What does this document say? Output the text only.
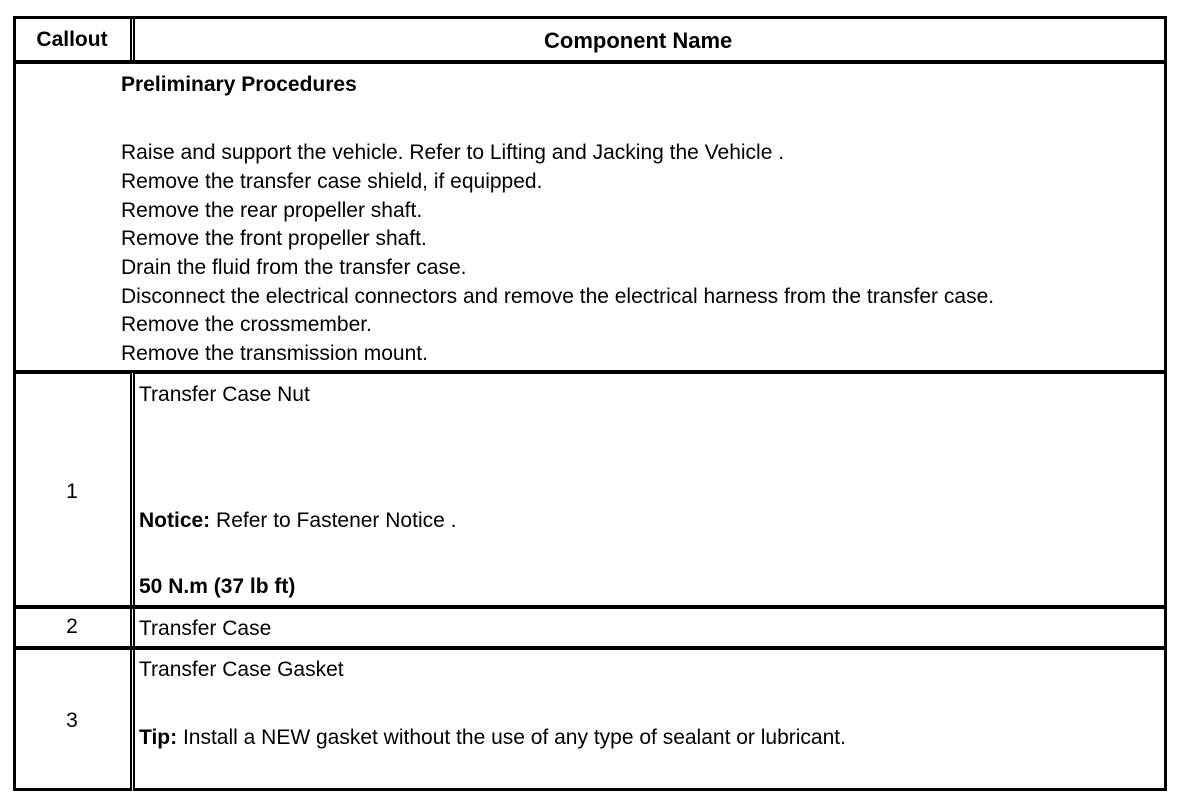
Callout	Component Name
Preliminary Procedures
Raise and support the vehicle. Refer to Lifting and Jacking the Vehicle .
Remove the transfer case shield, if equipped.
Remove the rear propeller shaft.
Remove the front propeller shaft.
Drain the fluid from the transfer case.
Disconnect the electrical connectors and remove the electrical harness from the transfer case.
Remove the crossmember.
Remove the transmission mount.
1
Transfer Case Nut
Notice: Refer to Fastener Notice .
50 N.m (37 lb ft)
2	Transfer Case
3
Transfer Case Gasket
Tip: Install a NEW gasket without the use of any type of sealant or lubricant.
